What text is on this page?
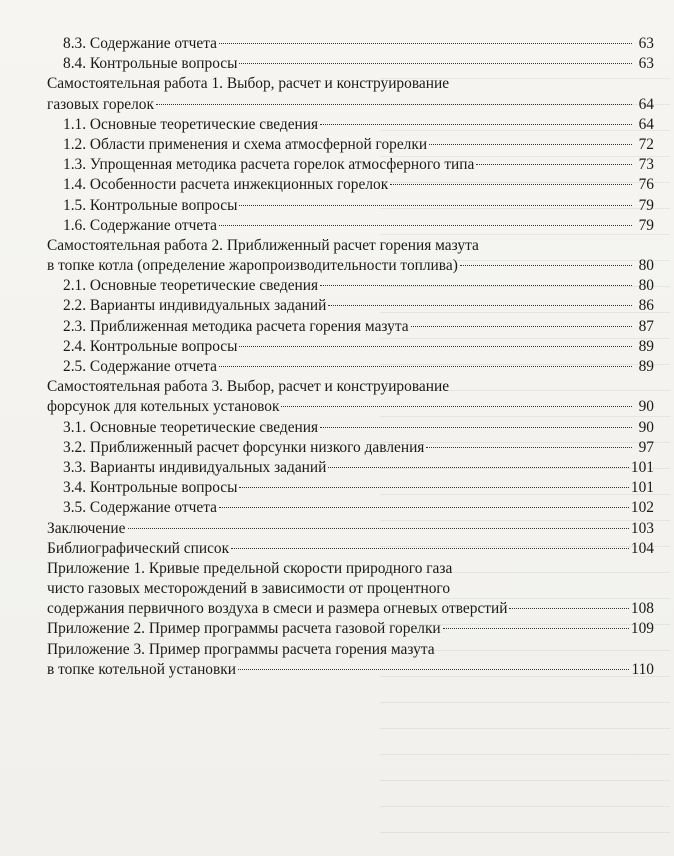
8.3. Содержание отчета	63
8.4. Контрольные вопросы	63
Самостоятельная работа 1. Выбор, расчет и конструирование
газовых горелок	64
1.1. Основные теоретические сведения	64
1.2. Области применения и схема атмосферной горелки	72
1.3. Упрощенная методика расчета горелок атмосферного типа	73
1.4. Особенности расчета инжекционных горелок	76
1.5. Контрольные вопросы	79
1.6. Содержание отчета	79
Самостоятельная работа 2. Приближенный расчет горения мазута
в топке котла (определение жаропроизводительности топлива)	80
2.1. Основные теоретические сведения	80
2.2. Варианты индивидуальных заданий	86
2.3. Приближенная методика расчета горения мазута	87
2.4. Контрольные вопросы	89
2.5. Содержание отчета	89
Самостоятельная работа 3. Выбор, расчет и конструирование
форсунок для котельных установок	90
3.1. Основные теоретические сведения	90
3.2. Приближенный расчет форсунки низкого давления	97
3.3. Варианты индивидуальных заданий	101
3.4. Контрольные вопросы	101
3.5. Содержание отчета	102
Заключение	103
Библиографический список	104
Приложение 1. Кривые предельной скорости природного газа
чисто газовых месторождений в зависимости от процентного
содержания первичного воздуха в смеси и размера огневых отверстий	108
Приложение 2. Пример программы расчета газовой горелки	109
Приложение 3. Пример программы расчета горения мазута
в топке котельной установки	110
